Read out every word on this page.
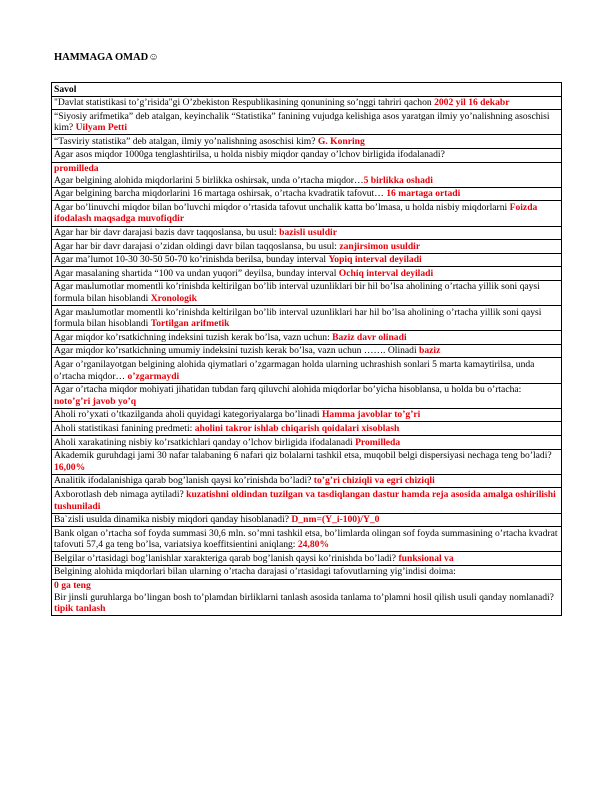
HAMMAGA OMAD☺
Savol
"Davlat statistikasi to’g’risida"gi O’zbekiston Respublikasining qonunining so’nggi tahriri qachon 2002 yil 16 dekabr
“Siyosiy arifmetika” deb atalgan, keyinchalik “Statistika” fanining vujudga kelishiga asos yaratgan ilmiy yo’nalishning asoschisi kim? Uilyam Petti
“Tasviriy statistika” deb atalgan, ilmiy yo’nalishning asoschisi kim? G. Konring
Agar asos miqdor 1000ga tenglashtirilsa, u holda nisbiy miqdor qanday o’lchov birligida ifodalanadi?

promilleda
Agar belgining alohida miqdorlarini 5 birlikka oshirsak, unda o’rtacha miqdor…5 birlikka oshadi
Agar belgining barcha miqdorlarini 16 martaga oshirsak, o’rtacha kvadratik tafovut… 16 martaga ortadi
Agar bo’linuvchi miqdor bilan bo’luvchi miqdor o’rtasida tafovut unchalik katta bo’lmasa, u holda nisbiy miqdorlarni Foizda ifodalash maqsadga muvofiqdir
Agar har bir davr darajasi bazis davr taqqoslansa, bu usul: bazisli usuldir
Agar har bir davr darajasi o’zidan oldingi davr bilan taqqoslansa, bu usul: zanjirsimon usuldir
Agar ma’lumot 10-30 30-50 50-70 ko’rinishda berilsa, bunday interval Yopiq interval deyiladi
Agar masalaning shartida “100 va undan yuqori” deyilsa, bunday interval Ochiq interval deyiladi
Agar maьlumotlar momentli ko’rinishda keltirilgan bo’lib interval uzunliklari bir hil bo’lsa aholining o’rtacha yillik soni qaysi formula bilan hisoblandi Xronologik
Agar maьlumotlar momentli ko’rinishda keltirilgan bo’lib interval uzunliklari har hil bo’lsa aholining o’rtacha yillik soni qaysi formula bilan hisoblandi Tortilgan arifmetik
Agar miqdor ko’rsatkichning indeksini tuzish kerak bo’lsa, vazn uchun: Baziz davr olinadi
Agar miqdor ko’rsatkichning umumiy indeksini tuzish kerak bo’lsa, vazn uchun ……. Olinadi baziz
Agar o’rganilayotgan belgining alohida qiymatlari o’zgarmagan holda ularning uchrashish sonlari 5 marta kamaytirilsa, unda o’rtacha miqdor… o’zgarmaydi
Agar o’rtacha miqdor mohiyati jihatidan tubdan farq qiluvchi alohida miqdorlar bo’yicha hisoblansa, u holda bu o’rtacha: noto’g’ri javob yo’q
Aholi ro’yxati o’tkazilganda aholi quyidagi kategoriyalarga bo’linadi Hamma javoblar to’g’ri
Aholi statistikasi fanining predmeti: aholini takror ishlab chiqarish qoidalari xisoblash
Aholi xarakatining nisbiy ko’rsatkichlari qanday o’lchov birligida ifodalanadi Promilleda
Akademik guruhdagi jami 30 nafar talabaning 6 nafari qiz bolalarni tashkil etsa, muqobil belgi dispersiyasi nechaga teng bo’ladi? 16,00%
Analitik ifodalanishiga qarab bog’lanish qaysi ko’rinishda bo’ladi? to’g’ri chiziqli va egri chiziqli
Axborotlash deb nimaga aytiladi? kuzatishni oldindan tuzilgan va tasdiqlangan dastur hamda reja asosida amalga oshirilishi tushuniladi
Ba`zisli usulda dinamika nisbiy miqdori qanday hisoblanadi? D_nm=(Y_i-100)/Y_0
Bank olgan o’rtacha sof foyda summasi 30,6 mln. so’mni tashkil etsa, bo’limlarda olingan sof foyda summasining o’rtacha kvadrat tafovuti 57,4 ga teng bo’lsa, variatsiya koeffitsientini aniqlang: 24,80%
Belgilar o’rtasidagi bog’lanishlar xarakteriga qarab bog’lanish qaysi ko’rinishda bo’ladi? funksional va
Belgining alohida miqdorlari bilan ularning o’rtacha darajasi o’rtasidagi tafovutlarning yig’indisi doima:

0 ga teng
Bir jinsli guruhlarga bo’lingan bosh to’plamdan birliklarni tanlash asosida tanlama to’plamni hosil qilish usuli qanday nomlanadi? tipik tanlash
